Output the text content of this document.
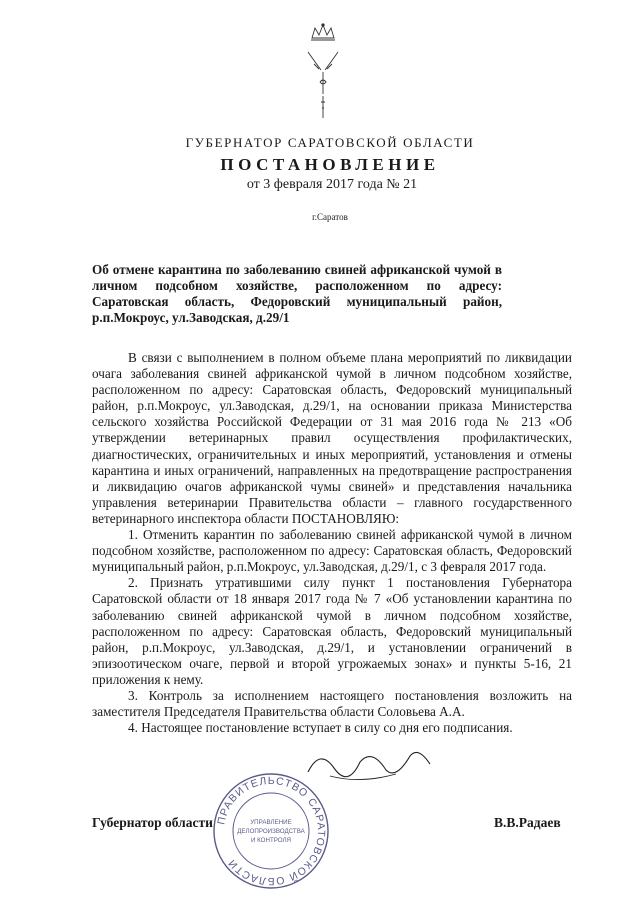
ГУБЕРНАТОР САРАТОВСКОЙ ОБЛАСТИ
ПОСТАНОВЛЕНИЕ
от 3 февраля 2017 года № 21
г.Саратов
Об отмене карантина по заболеванию свиней африканской чумой в личном подсобном хозяйстве, расположенном по адресу: Саратовская область, Федоровский муниципальный район, р.п.Мокроус, ул.Заводская, д.29/1

В связи с выполнением в полном объеме плана мероприятий по ликвидации очага заболевания свиней африканской чумой в личном подсобном хозяйстве, расположенном по адресу: Саратовская область, Федоровский муниципальный район, р.п.Мокроус, ул.Заводская, д.29/1, на основании приказа Министерства сельского хозяйства Российской Федерации от 31 мая 2016 года № 213 «Об утверждении ветеринарных правил осуществления профилактических, диагностических, ограничительных и иных мероприятий, установления и отмены карантина и иных ограничений, направленных на предотвращение распространения и ликвидацию очагов африканской чумы свиней» и представления начальника управления ветеринарии Правительства области – главного государственного ветеринарного инспектора области ПОСТАНОВЛЯЮ:

1. Отменить карантин по заболеванию свиней африканской чумой в личном подсобном хозяйстве, расположенном по адресу: Саратовская область, Федоровский муниципальный район, р.п.Мокроус, ул.Заводская, д.29/1, с 3 февраля 2017 года.

2. Признать утратившими силу пункт 1 постановления Губернатора Саратовской области от 18 января 2017 года № 7 «Об установлении карантина по заболеванию свиней африканской чумой в личном подсобном хозяйстве, расположенном по адресу: Саратовская область, Федоровский муниципальный район, р.п.Мокроус, ул.Заводская, д.29/1, и установлении ограничений в эпизоотическом очаге, первой и второй угрожаемых зонах» и пункты 5-16, 21 приложения к нему.

3. Контроль за исполнением настоящего постановления возложить на заместителя Председателя Правительства области Соловьева А.А.

4. Настоящее постановление вступает в силу со дня его подписания.

ПРАВИТЕЛЬСТВО САРАТОВСКОЙ ОБЛАСТИ
УПРАВЛЕНИЕ
ДЕЛОПРОИЗВОДСТВА
И КОНТРОЛЯ
Губернатор области	В.В.Радаев
